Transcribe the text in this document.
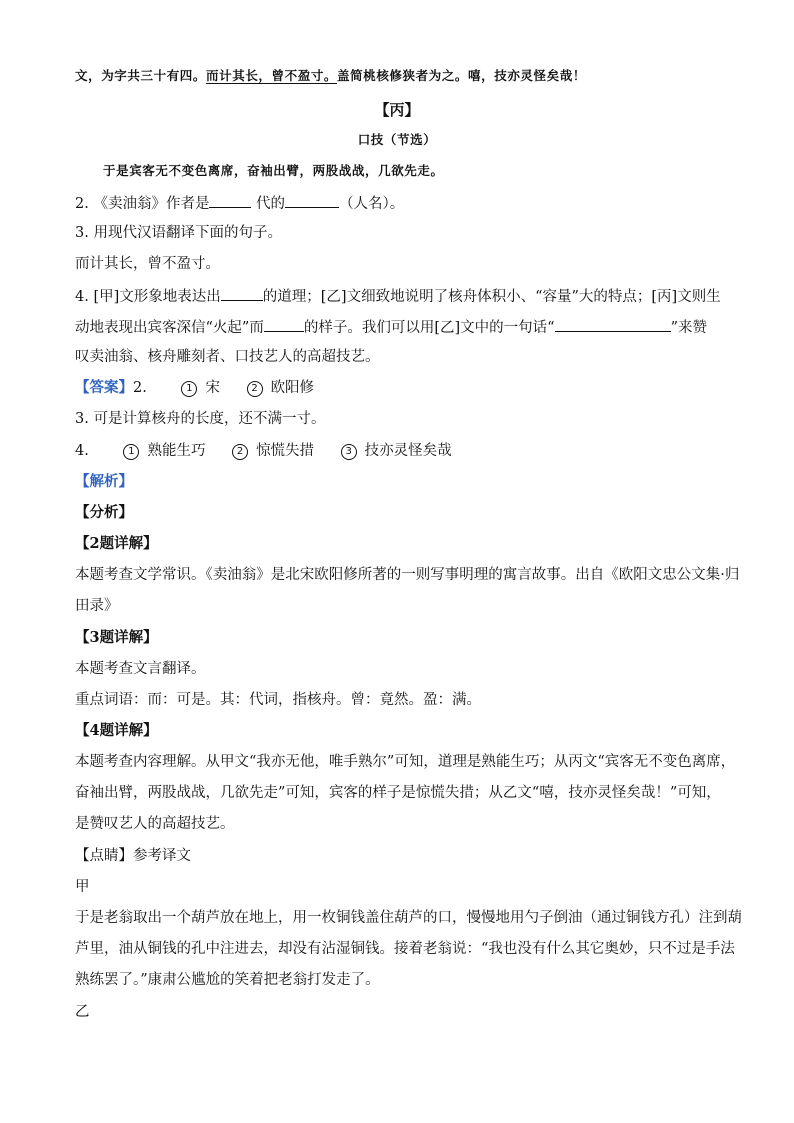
文，为字共三十有四。而计其长，曾不盈寸。盖简桃核修狭者为之。嘻，技亦灵怪矣哉！
【丙】
口技（节选）
于是宾客无不变色离席，奋袖出臂，两股战战，几欲先走。
2. 《卖油翁》作者是	代的	（人名）。
3. 用现代汉语翻译下面的句子。
而计其长，曾不盈寸。
4. [甲]文形象地表达出	的道理；[乙]文细致地说明了核舟体积小、“容量”大的特点；[丙]文则生
动地表现出宾客深信“火起”而	的样子。我们可以用[乙]文中的一句话“	”来赞
叹卖油翁、核舟雕刻者、口技艺人的高超技艺。
【答案】2.	1 宋	2 欧阳修
3. 可是计算核舟的长度，还不满一寸。
4.	1 熟能生巧	2 惊慌失措	3 技亦灵怪矣哉
【解析】
【分析】
【2题详解】
本题考查文学常识。《卖油翁》是北宋欧阳修所著的一则写事明理的寓言故事。出自《欧阳文忠公文集·归
田录》
【3题详解】
本题考查文言翻译。
重点词语：而：可是。其：代词，指核舟。曾：竟然。盈：满。
【4题详解】
本题考查内容理解。从甲文“我亦无他，唯手熟尔”可知，道理是熟能生巧；从丙文“宾客无不变色离席，
奋袖出臂，两股战战，几欲先走”可知，宾客的样子是惊慌失措；从乙文“嘻，技亦灵怪矣哉！”可知，
是赞叹艺人的高超技艺。
【点睛】参考译文
甲
于是老翁取出一个葫芦放在地上，用一枚铜钱盖住葫芦的口，慢慢地用勺子倒油（通过铜钱方孔）注到葫
芦里，油从铜钱的孔中注进去，却没有沾湿铜钱。接着老翁说：“我也没有什么其它奥妙，只不过是手法
熟练罢了。”康肃公尴尬的笑着把老翁打发走了。
乙
